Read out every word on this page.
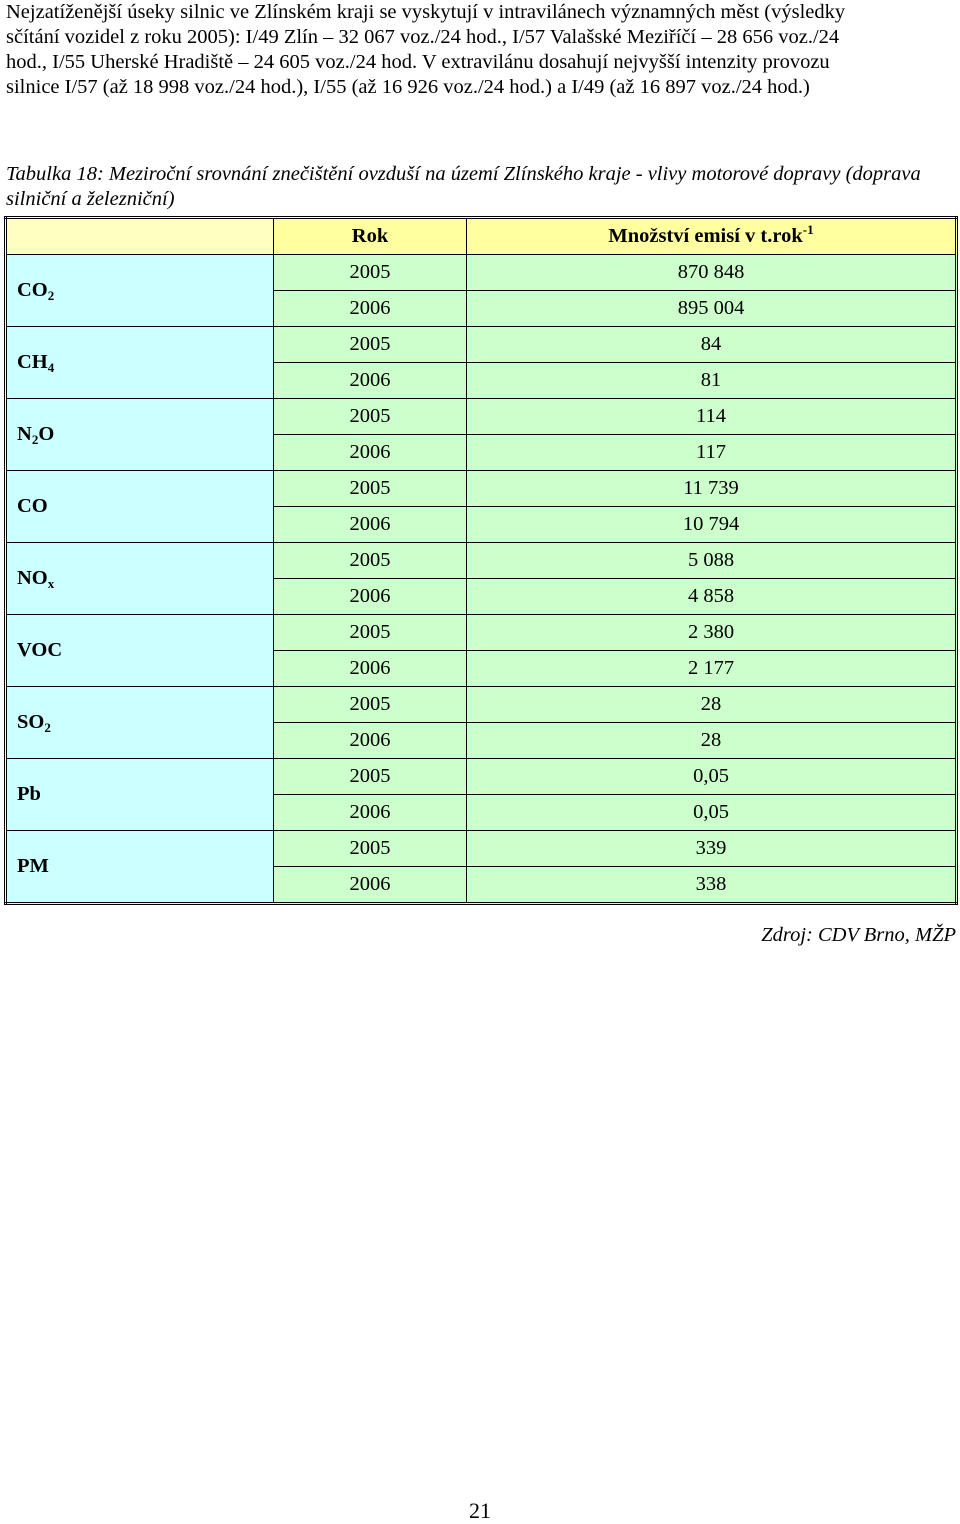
Nejzatíženější úseky silnic ve Zlínském kraji se vyskytují v intravilánech významných měst (výsledky
sčítání vozidel z roku 2005): I/49 Zlín – 32 067 voz./24 hod., I/57 Valašské Meziříčí – 28 656 voz./24
hod., I/55 Uherské Hradiště – 24 605 voz./24 hod. V extravilánu dosahují nejvyšší intenzity provozu
silnice I/57 (až 18 998 voz./24 hod.), I/55 (až 16 926 voz./24 hod.) a I/49 (až 16 897 voz./24 hod.)
Tabulka 18: Meziroční srovnání znečištění ovzduší na území Zlínského kraje - vlivy motorové dopravy (doprava silniční a železniční)
	Rok	Množství emisí v t.rok$^{-1}$
CO2	2005	870 848
	2006	895 004
CH4	2005	84
	2006	81
N2O	2005	114
	2006	117
CO	2005	11 739
	2006	10 794
NOx	2005	5 088
	2006	4 858
VOC	2005	2 380
	2006	2 177
SO2	2005	28
	2006	28
Pb	2005	0,05
	2006	0,05
PM	2005	339
	2006	338
Zdroj: CDV Brno, MŽP
21
